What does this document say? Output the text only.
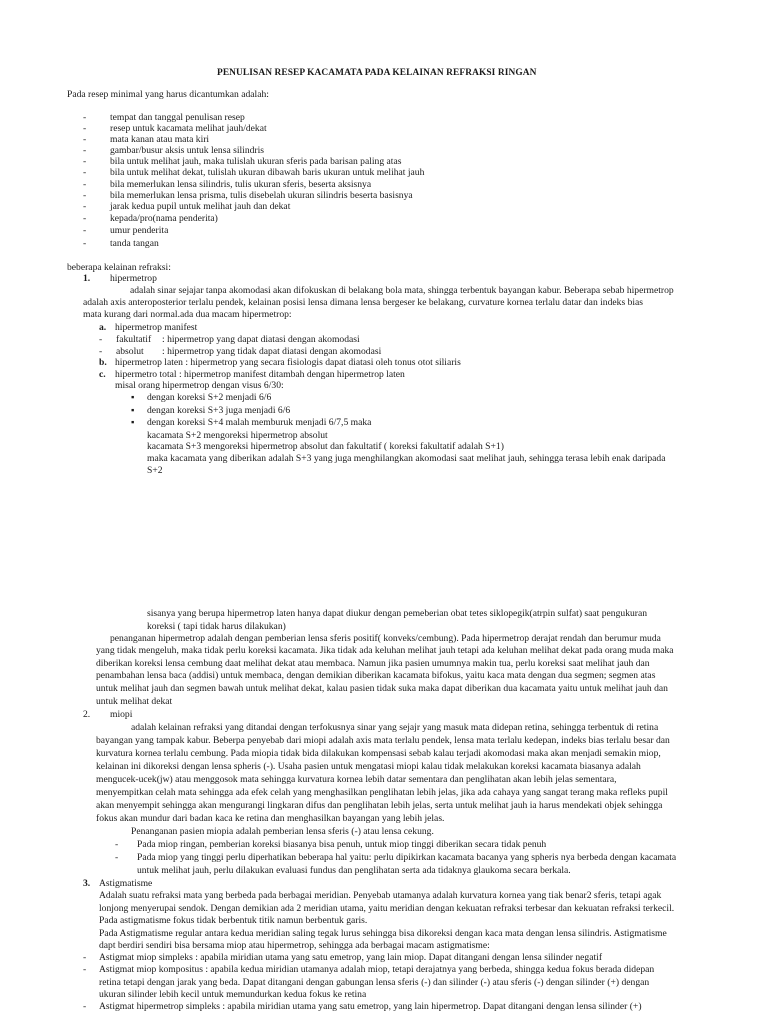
PENULISAN RESEP KACAMATA PADA KELAINAN REFRAKSI RINGAN
Pada resep minimal yang harus dicantumkan adalah:
- tempat dan tanggal penulisan resep
- resep untuk kacamata melihat jauh/dekat
- mata kanan atau mata kiri
- gambar/busur aksis untuk lensa silindris
- bila untuk melihat jauh, maka tulislah ukuran sferis pada barisan paling atas
- bila untuk melihat dekat, tulislah ukuran dibawah baris ukuran untuk melihat jauh
- bila memerlukan lensa silindris, tulis ukuran sferis, beserta aksisnya
- bila memerlukan lensa prisma, tulis disebelah ukuran silindris beserta basisnya
- jarak kedua pupil untuk melihat jauh dan dekat
- kepada/pro(nama penderita)
- umur penderita
- tanda tangan
beberapa kelainan refraksi:
1. hipermetrop
adalah sinar sejajar tanpa akomodasi akan difokuskan di belakang bola mata, shingga terbentuk bayangan kabur. Beberapa sebab hipermetrop
adalah axis anteroposterior terlalu pendek, kelainan posisi lensa dimana lensa bergeser ke belakang, curvature kornea terlalu datar dan indeks bias
mata kurang dari normal.ada dua macam hipermetrop:
a. hipermetrop manifest
- fakultatif : hipermetrop yang dapat diatasi dengan akomodasi
- absolut : hipermetrop yang tidak dapat diatasi dengan akomodasi
b. hipermetrop laten : hipermetrop yang secara fisiologis dapat diatasi oleh tonus otot siliaris
c. hipermetro total : hipermetrop manifest ditambah dengan hipermetrop laten
misal orang hipermetrop dengan visus 6/30:
▪ dengan koreksi S+2 menjadi 6/6
▪ dengan koreksi S+3 juga menjadi 6/6
▪ dengan koreksi S+4 malah memburuk menjadi 6/7,5 maka
kacamata S+2 mengoreksi hipermetrop absolut
kacamata S+3 mengoreksi hipermetrop absolut dan fakultatif ( koreksi fakultatif adalah S+1)
maka kacamata yang diberikan adalah S+3 yang juga menghilangkan akomodasi saat melihat jauh, sehingga terasa lebih enak daripada
S+2
sisanya yang berupa hipermetrop laten hanya dapat diukur dengan pemeberian obat tetes siklopegik(atrpin sulfat) saat pengukuran
koreksi ( tapi tidak harus dilakukan)
penanganan hipermetrop adalah dengan pemberian lensa sferis positif( konveks/cembung). Pada hipermetrop derajat rendah dan berumur muda
yang tidak mengeluh, maka tidak perlu koreksi kacamata. Jika tidak ada keluhan melihat jauh tetapi ada keluhan melihat dekat pada orang muda maka
diberikan koreksi lensa cembung daat melihat dekat atau membaca. Namun jika pasien umumnya makin tua, perlu koreksi saat melihat jauh dan
penambahan lensa baca (addisi) untuk membaca, dengan demikian diberikan kacamata bifokus, yaitu kaca mata dengan dua segmen; segmen atas
untuk melihat jauh dan segmen bawah untuk melihat dekat, kalau pasien tidak suka maka dapat diberikan dua kacamata yaitu untuk melihat jauh dan
untuk melihat dekat
2. miopi
adalah kelainan refraksi yang ditandai dengan terfokusnya sinar yang sejajr yang masuk mata didepan retina, sehingga terbentuk di retina
bayangan yang tampak kabur. Beberpa penyebab dari miopi adalah axis mata terlalu pendek, lensa mata terlalu kedepan, indeks bias terlalu besar dan
kurvatura kornea terlalu cembung. Pada miopia tidak bida dilakukan kompensasi sebab kalau terjadi akomodasi maka akan menjadi semakin miop,
kelainan ini dikoreksi dengan lensa spheris (-). Usaha pasien untuk mengatasi miopi kalau tidak melakukan koreksi kacamata biasanya adalah
mengucek-ucek(jw) atau menggosok mata sehingga kurvatura kornea lebih datar sementara dan penglihatan akan lebih jelas sementara,
menyempitkan celah mata sehingga ada efek celah yang menghasilkan penglihatan lebih jelas, jika ada cahaya yang sangat terang maka refleks pupil
akan menyempit sehingga akan mengurangi lingkaran difus dan penglihatan lebih jelas, serta untuk melihat jauh ia harus mendekati objek sehingga
fokus akan mundur dari badan kaca ke retina dan menghasilkan bayangan yang lebih jelas.
Penanganan pasien miopia adalah pemberian lensa sferis (-) atau lensa cekung.
- Pada miop ringan, pemberian koreksi biasanya bisa penuh, untuk miop tinggi diberikan secara tidak penuh
- Pada miop yang tinggi perlu diperhatikan beberapa hal yaitu: perlu dipikirkan kacamata bacanya yang spheris nya berbeda dengan kacamata
untuk melihat jauh, perlu dilakukan evaluasi fundus dan penglihatan serta ada tidaknya glaukoma secara berkala.
3. Astigmatisme
Adalah suatu refraksi mata yang berbeda pada berbagai meridian. Penyebab utamanya adalah kurvatura kornea yang tiak benar2 sferis, tetapi agak
lonjong menyerupai sendok. Dengan demikian ada 2 meridian utama, yaitu meridian dengan kekuatan refraksi terbesar dan kekuatan refraksi terkecil.
Pada astigmatisme fokus tidak berbentuk titik namun berbentuk garis.
Pada Astigmatisme regular antara kedua meridian saling tegak lurus sehingga bisa dikoreksi dengan kaca mata dengan lensa silindris. Astigmatisme
dapt berdiri sendiri bisa bersama miop atau hipermetrop, sehingga ada berbagai macam astigmatisme:
- Astigmat miop simpleks : apabila miridian utama yang satu emetrop, yang lain miop. Dapat ditangani dengan lensa silinder negatif
- Astigmat miop kompositus : apabila kedua miridian utamanya adalah miop, tetapi derajatnya yang berbeda, shingga kedua fokus berada didepan
retina tetapi dengan jarak yang beda. Dapat ditangani dengan gabungan lensa sferis (-) dan silinder (-) atau sferis (-) dengan silinder (+) dengan
ukuran silinder lebih kecil untuk memundurkan kedua fokus ke retina
- Astigmat hipermetrop simpleks : apabila miridian utama yang satu emetrop, yang lain hipermetrop. Dapat ditangani dengan lensa silinder (+)
